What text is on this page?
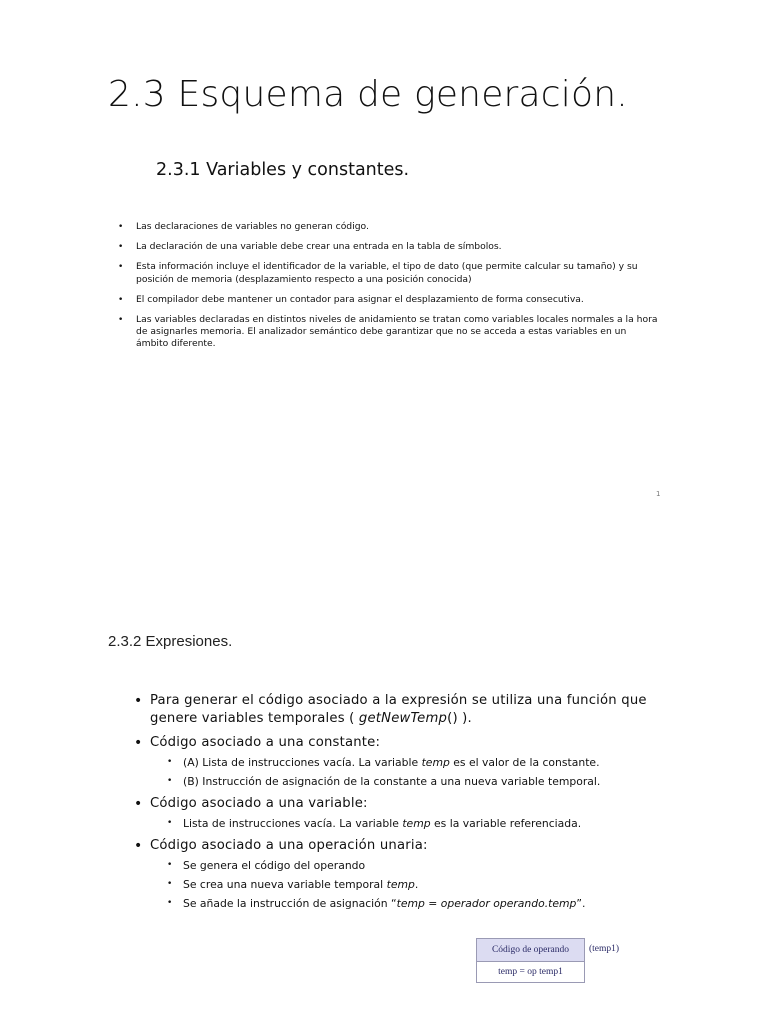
2.3 Esquema de generación.
2.3.1 Variables y constantes.
• Las declaraciones de variables no generan código.
• La declaración de una variable debe crear una entrada en la tabla de símbolos.
• Esta información incluye el identificador de la variable, el tipo de dato (que permite calcular su tamaño) y su posición de memoria (desplazamiento respecto a una posición conocida)
• El compilador debe mantener un contador para asignar el desplazamiento de forma consecutiva.
• Las variables declaradas en distintos niveles de anidamiento se tratan como variables locales normales a la hora de asignarles memoria. El analizador semántico debe garantizar que no se acceda a estas variables en un ámbito diferente.
1
2.3.2 Expresiones.
• Para generar el código asociado a la expresión se utiliza una función que genere variables temporales ( getNewTemp() ).
• Código asociado a una constante:
• (A) Lista de instrucciones vacía. La variable temp es el valor de la constante.
• (B) Instrucción de asignación de la constante a una nueva variable temporal.
• Código asociado a una variable:
• Lista de instrucciones vacía. La variable temp es la variable referenciada.
• Código asociado a una operación unaria:
• Se genera el código del operando
• Se crea una nueva variable temporal temp.
• Se añade la instrucción de asignación “temp = operador operando.temp”.
Código de operando
temp = op temp1
(temp1)
